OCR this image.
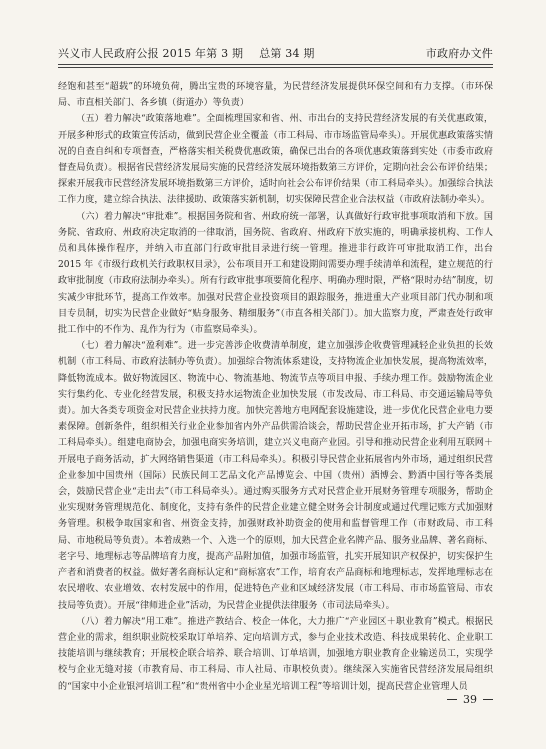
兴义市人民政府公报 2015 年第 3 期 总第 34 期	市政府办文件

经饱和甚至“超载”的环境负荷，腾出宝贵的环境容量，为民营经济发展提供环保空间和有力支撑。（市环保局、市直相关部门、各乡镇（街道办）等负责）

（五）着力解决“政策落地难”。全面梳理国家和省、州、市出台的支持民营经济发展的有关优惠政策，开展多种形式的政策宣传活动，做到民营企业全覆盖（市工科局、市市场监管局牵头）。开展优惠政策落实情况的自查自纠和专项督查，严格落实相关税费优惠政策，确保已出台的各项优惠政策落到实处（市委市政府督查局负责）。根据省民营经济发展局实施的民营经济发展环境指数第三方评价，定期向社会公布评价结果；探索开展我市民营经济发展环境指数第三方评价，适时向社会公布评价结果（市工科局牵头）。加强综合执法工作力度，建立综合执法、法律援助、政策落实新机制，切实保障民营企业合法权益（市政府法制办牵头）。

（六）着力解决“审批难”。根据国务院和省、州政府统一部署，认真做好行政审批事项取消和下放。国务院、省政府、州政府决定取消的一律取消，国务院、省政府、州政府下放实施的，明确承接机构、工作人员和具体操作程序，并纳入市直部门行政审批目录进行统一管理。推进非行政许可审批取消工作，出台 2015 年《市级行政机关行政职权目录》，公布项目开工和建设期间需要办理手续清单和流程，建立规范的行政审批制度（市政府法制办牵头）。所有行政审批事项要简化程序、明确办理时限，严格“限时办结”制度，切实减少审批环节，提高工作效率。加强对民营企业投资项目的跟踪服务，推进重大产业项目部门代办制和项目专员制，切实为民营企业做好“贴身服务、精细服务”（市直各相关部门）。加大监察力度，严肃查处行政审批工作中的不作为、乱作为行为（市监察局牵头）。

（七）着力解决“盈利难”。进一步完善涉企收费清单制度，建立加强涉企收费管理减轻企业负担的长效机制（市工科局、市政府法制办等负责）。加强综合物流体系建设，支持物流企业加快发展，提高物流效率，降低物流成本。做好物流园区、物流中心、物流基地、物流节点等项目申报、手续办理工作。鼓励物流企业实行集约化、专业化经营发展，积极支持水运物流企业加快发展（市发改局、市工科局、市交通运输局等负责）。加大各类专项资金对民营企业扶持力度。加快完善地方电网配套设施建设，进一步优化民营企业电力要素保障。创新条件，组织相关行业企业参加省内外产品供需洽谈会，帮助民营企业开拓市场，扩大产销（市工科局牵头）。组建电商协会，加强电商实务培训，建立兴义电商产业园。引导和推动民营企业利用互联网＋开展电子商务活动，扩大网络销售渠道（市工科局牵头）。积极引导民营企业拓展省内外市场，通过组织民营企业参加中国贵州（国际）民族民间工艺品文化产品博览会、中国（贵州）酒博会、黔酒中国行等各类展会，鼓励民营企业“走出去”（市工科局牵头）。通过购买服务方式对民营企业开展财务管理专项服务，帮助企业实现财务管理规范化、制度化，支持有条件的民营企业建立健全财务会计制度或通过代理记账方式加强财务管理。积极争取国家和省、州资金支持，加强财政补助资金的使用和监督管理工作（市财政局、市工科局、市地税局等负责）。本着成熟一个、入选一个的原则，加大民营企业名牌产品、服务业品牌、著名商标、老字号、地理标志等品牌培育力度，提高产品附加值，加强市场监管，扎实开展知识产权保护，切实保护生产者和消费者的权益。做好著名商标认定和“商标富农”工作，培育农产品商标和地理标志，发挥地理标志在农民增收、农业增效、农村发展中的作用，促进特色产业和区域经济发展（市工科局、市市场监管局、市农技局等负责）。开展“律师进企业”活动，为民营企业提供法律服务（市司法局牵头）。

（八）着力解决“用工难”。推进产教结合、校企一体化，大力推广“产业园区＋职业教育”模式。根据民营企业的需求，组织职业院校采取订单培养、定向培训方式，参与企业技术改造、科技成果转化、企业职工技能培训与继续教育；开展校企联合培养、联合培训、订单培训，加强地方职业教育企业输送员工，实现学校与企业无缝对接（市教育局、市工科局、市人社局、市职校负责）。继续深入实施省民营经济发展局组织的“国家中小企业银河培训工程”和“贵州省中小企业星光培训工程”等培训计划，提高民营企业管理人员

39
